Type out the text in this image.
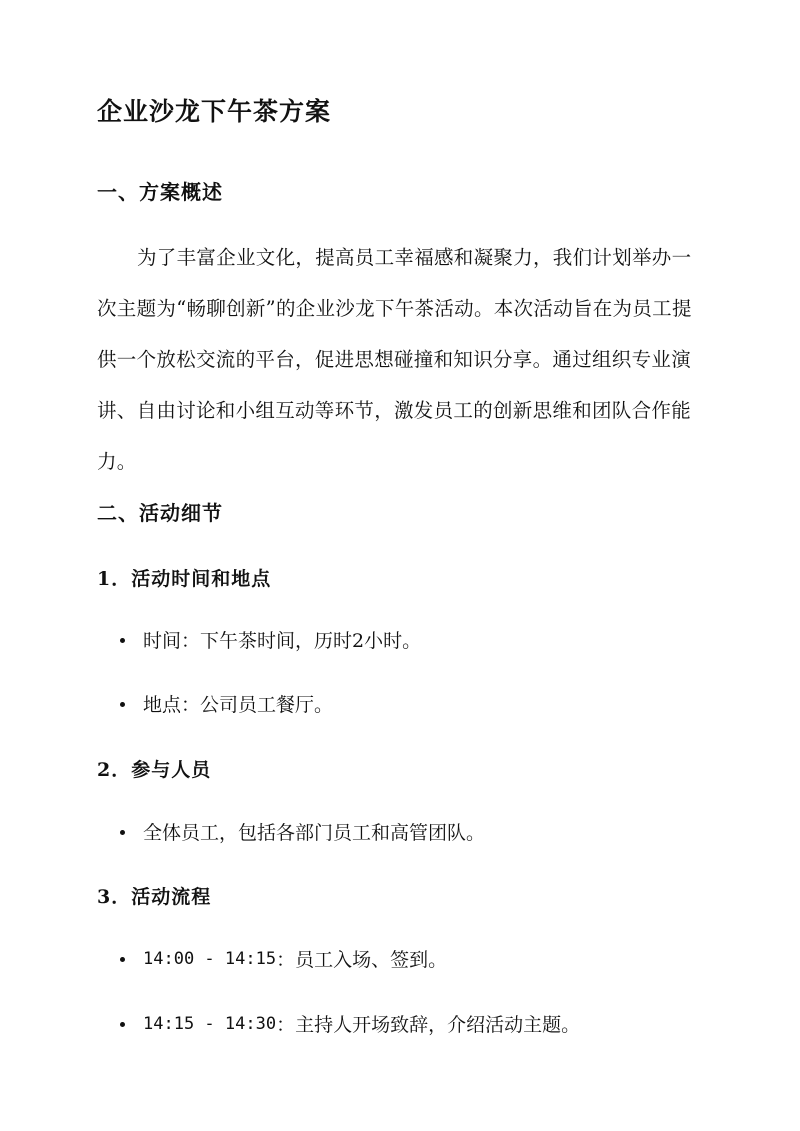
企业沙龙下午茶方案
一、方案概述

为了丰富企业文化，提高员工幸福感和凝聚力，我们计划举办一次主题为“畅聊创新”的企业沙龙下午茶活动。本次活动旨在为员工提供一个放松交流的平台，促进思想碰撞和知识分享。通过组织专业演讲、自由讨论和小组互动等环节，激发员工的创新思维和团队合作能力。

二、活动细节
1．活动时间和地点
时间：下午茶时间，历时2小时。
地点：公司员工餐厅。
2．参与人员
全体员工，包括各部门员工和高管团队。
3．活动流程
14:00 - 14:15 ：员工入场、签到。
14:15 - 14:30 ：主持人开场致辞，介绍活动主题。
